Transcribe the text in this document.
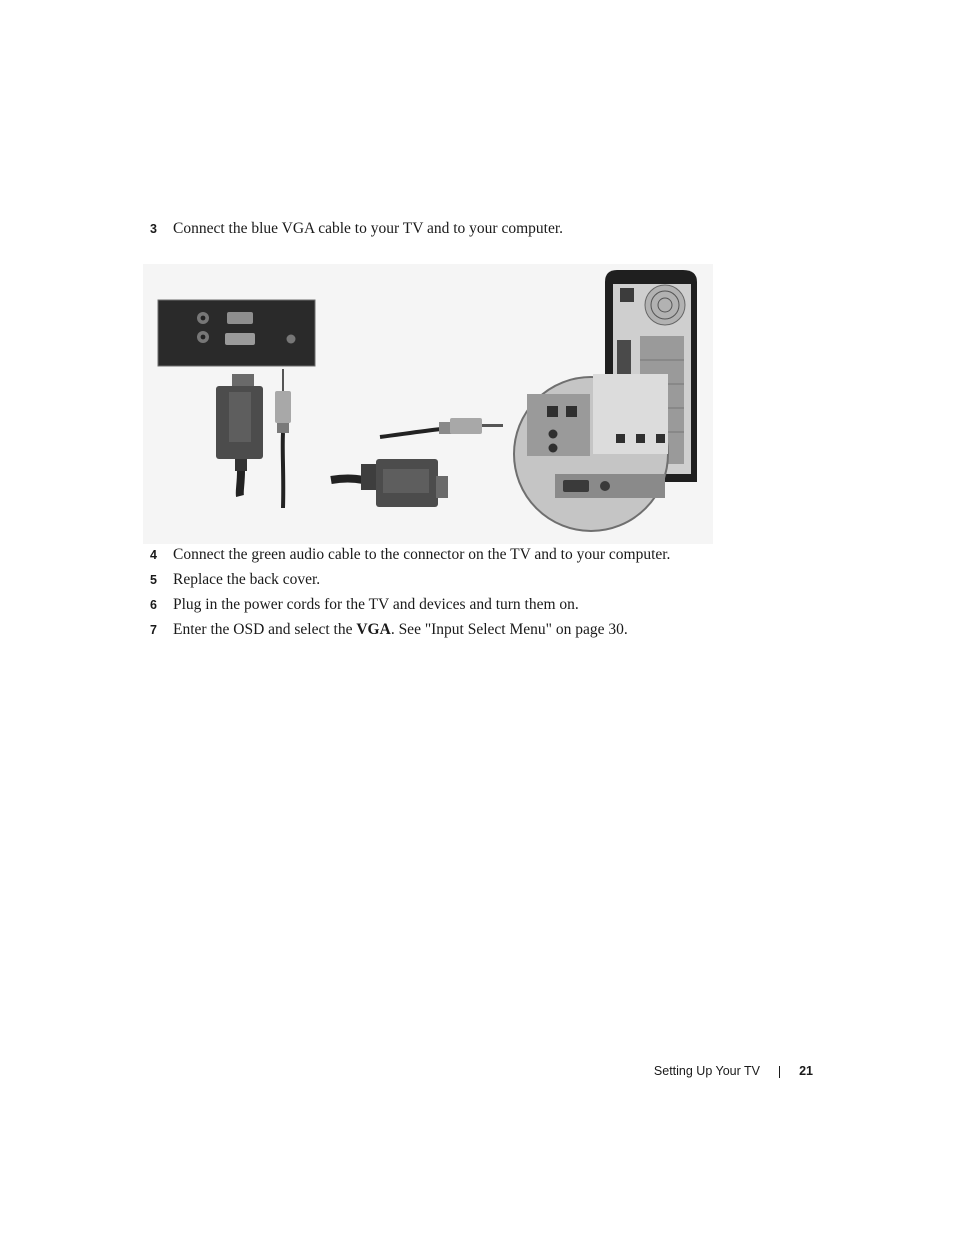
3 Connect the blue VGA cable to your TV and to your computer.
4 Connect the green audio cable to the connector on the TV and to your computer.
5 Replace the back cover.
6 Plug in the power cords for the TV and devices and turn them on.
7 Enter the OSD and select the VGA. See "Input Select Menu" on page 30.
Setting Up Your TV	21
